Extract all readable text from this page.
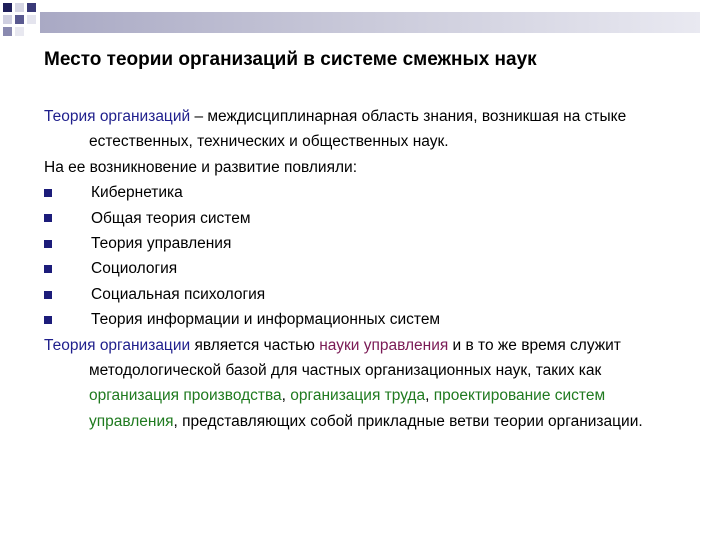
Место теории организаций в системе смежных наук
Теория организаций – междисциплинарная область знания, возникшая на стыке естественных, технических и общественных наук.
На ее возникновение и развитие повлияли:
Кибернетика
Общая теория систем
Теория управления
Социология
Социальная психология
Теория информации и информационных систем
Теория организации является частью науки управления и в то же время служит методологической базой для частных организационных наук, таких как организация производства, организация труда, проектирование систем управления, представляющих собой прикладные ветви теории организации.
